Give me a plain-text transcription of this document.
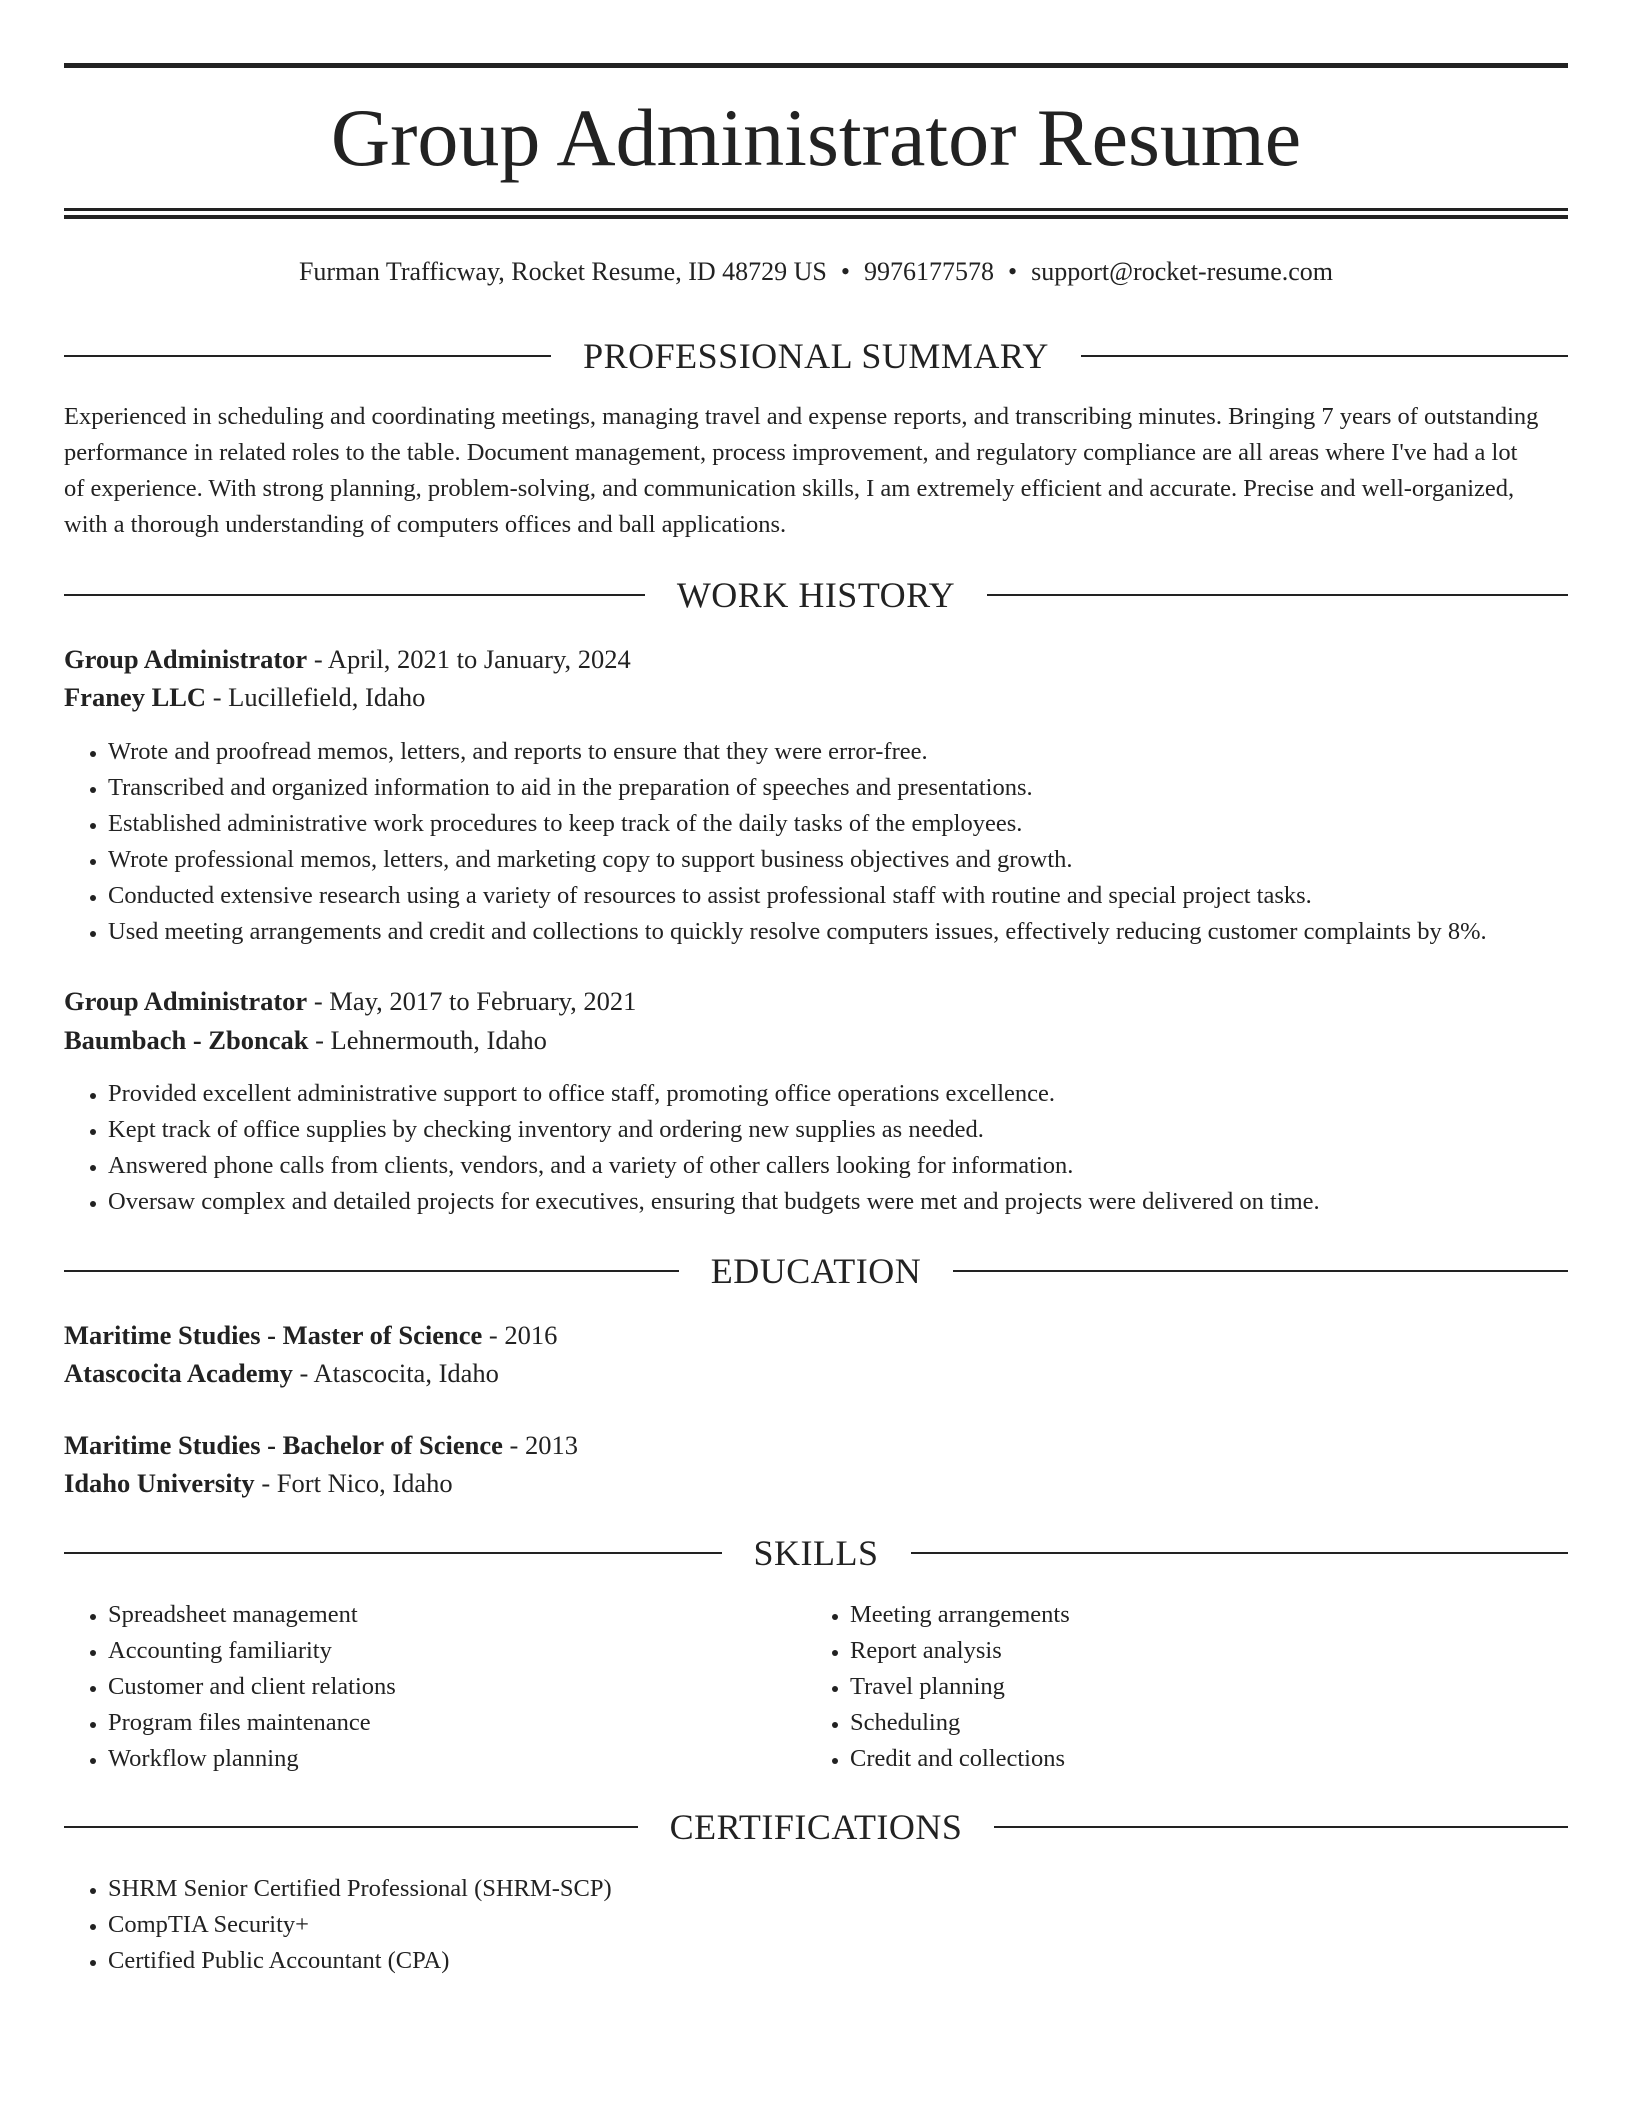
Group Administrator Resume
Furman Trafficway, Rocket Resume, ID 48729 US • 9976177578 • support@rocket-resume.com
PROFESSIONAL SUMMARY
Experienced in scheduling and coordinating meetings, managing travel and expense reports, and transcribing minutes. Bringing 7 years of outstanding
performance in related roles to the table. Document management, process improvement, and regulatory compliance are all areas where I've had a lot
of experience. With strong planning, problem-solving, and communication skills, I am extremely efficient and accurate. Precise and well-organized,
with a thorough understanding of computers offices and ball applications.
WORK HISTORY
Group Administrator - April, 2021 to January, 2024
Franey LLC - Lucillefield, Idaho
• Wrote and proofread memos, letters, and reports to ensure that they were error-free.
• Transcribed and organized information to aid in the preparation of speeches and presentations.
• Established administrative work procedures to keep track of the daily tasks of the employees.
• Wrote professional memos, letters, and marketing copy to support business objectives and growth.
• Conducted extensive research using a variety of resources to assist professional staff with routine and special project tasks.
• Used meeting arrangements and credit and collections to quickly resolve computers issues, effectively reducing customer complaints by 8%.
Group Administrator - May, 2017 to February, 2021
Baumbach - Zboncak - Lehnermouth, Idaho
• Provided excellent administrative support to office staff, promoting office operations excellence.
• Kept track of office supplies by checking inventory and ordering new supplies as needed.
• Answered phone calls from clients, vendors, and a variety of other callers looking for information.
• Oversaw complex and detailed projects for executives, ensuring that budgets were met and projects were delivered on time.
EDUCATION
Maritime Studies - Master of Science - 2016
Atascocita Academy - Atascocita, Idaho
Maritime Studies - Bachelor of Science - 2013
Idaho University - Fort Nico, Idaho
SKILLS
• Spreadsheet management
• Accounting familiarity
• Customer and client relations
• Program files maintenance
• Workflow planning
• Meeting arrangements
• Report analysis
• Travel planning
• Scheduling
• Credit and collections
CERTIFICATIONS
• SHRM Senior Certified Professional (SHRM-SCP)
• CompTIA Security+
• Certified Public Accountant (CPA)
